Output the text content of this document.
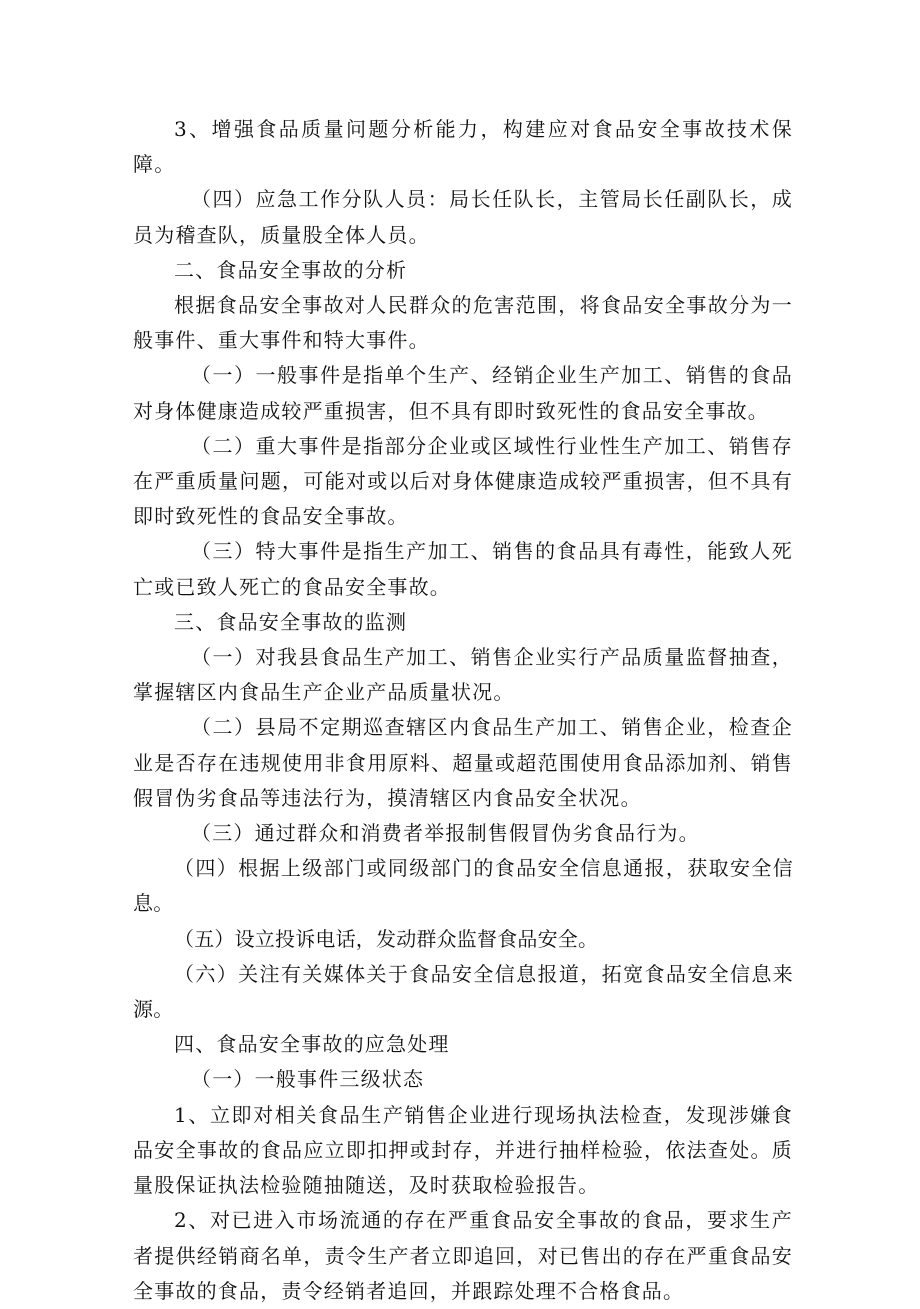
3、增强食品质量问题分析能力，构建应对食品安全事故技术保障。

（四）应急工作分队人员：局长任队长，主管局长任副队长，成员为稽查队，质量股全体人员。

二、食品安全事故的分析

根据食品安全事故对人民群众的危害范围，将食品安全事故分为一般事件、重大事件和特大事件。

（一）一般事件是指单个生产、经销企业生产加工、销售的食品对身体健康造成较严重损害，但不具有即时致死性的食品安全事故。

（二）重大事件是指部分企业或区域性行业性生产加工、销售存在严重质量问题，可能对或以后对身体健康造成较严重损害，但不具有即时致死性的食品安全事故。

（三）特大事件是指生产加工、销售的食品具有毒性，能致人死亡或已致人死亡的食品安全事故。

三、食品安全事故的监测

（一）对我县食品生产加工、销售企业实行产品质量监督抽查，掌握辖区内食品生产企业产品质量状况。

（二）县局不定期巡查辖区内食品生产加工、销售企业，检查企业是否存在违规使用非食用原料、超量或超范围使用食品添加剂、销售假冒伪劣食品等违法行为，摸清辖区内食品安全状况。

（三）通过群众和消费者举报制售假冒伪劣食品行为。

（四）根据上级部门或同级部门的食品安全信息通报，获取安全信息。

（五）设立投诉电话，发动群众监督食品安全。

（六）关注有关媒体关于食品安全信息报道，拓宽食品安全信息来源。

四、食品安全事故的应急处理

（一）一般事件三级状态

1、立即对相关食品生产销售企业进行现场执法检查，发现涉嫌食品安全事故的食品应立即扣押或封存，并进行抽样检验，依法查处。质量股保证执法检验随抽随送，及时获取检验报告。

2、对已进入市场流通的存在严重食品安全事故的食品，要求生产者提供经销商名单，责令生产者立即追回，对已售出的存在严重食品安全事故的食品，责令经销者追回，并跟踪处理不合格食品。
